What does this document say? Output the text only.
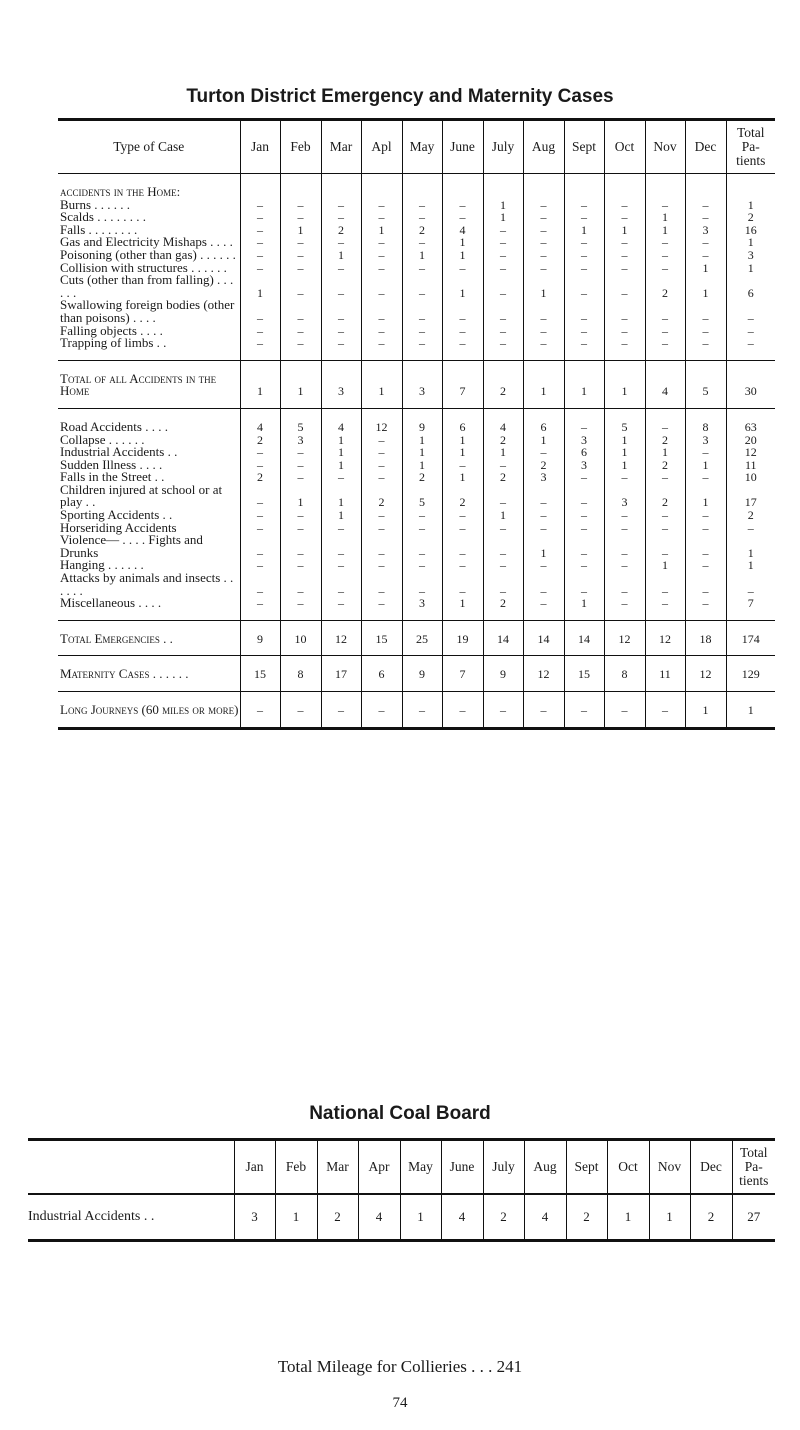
Turton District Emergency and Maternity Cases
Type of Case	Jan	Feb	Mar	Apl	May	June	July	Aug	Sept	Oct	Nov	Dec	Total Pa- tients
accidents in the Home:													
Burns . . . . . .	–	–	–	–	–	–	1	–	–	–	–	–	1
Scalds . . . . . . . .	–	–	–	–	–	–	1	–	–	–	1	–	2
Falls . . . . . . . .	–	1	2	1	2	4	–	–	1	1	1	3	16
Gas and Electricity Mishaps . . . .	–	–	–	–	–	1	–	–	–	–	–	–	1
Poisoning (other than gas) . . . . . .	–	–	1	–	1	1	–	–	–	–	–	–	3
Collision with structures . . . . . .	–	–	–	–	–	–	–	–	–	–	–	1	1
Cuts (other than from falling) . . . . . .	1	–	–	–	–	1	–	1	–	–	2	1	6
Swallowing foreign bodies (other than poisons) . . . .	–	–	–	–	–	–	–	–	–	–	–	–	–
Falling objects . . . .	–	–	–	–	–	–	–	–	–	–	–	–	–
Trapping of limbs . .	–	–	–	–	–	–	–	–	–	–	–	–	–
Total of all Accidents in the Home	1	1	3	1	3	7	2	1	1	1	4	5	30
Road Accidents . . . .	4	5	4	12	9	6	4	6	–	5	–	8	63
Collapse . . . . . .	2	3	1	–	1	1	2	1	3	1	2	3	20
Industrial Accidents . .	–	–	1	–	1	1	1	–	6	1	1	–	12
Sudden Illness . . . .	–	–	1	–	1	–	–	2	3	1	2	1	11
Falls in the Street . .	2	–	–	–	2	1	2	3	–	–	–	–	10
Children injured at school or at play . .	–	1	1	2	5	2	–	–	–	3	2	1	17
Sporting Accidents . .	–	–	1	–	–	–	1	–	–	–	–	–	2
Horseriding Accidents	–	–	–	–	–	–	–	–	–	–	–	–	–
Violence— . . . . Fights and Drunks	–	–	–	–	–	–	–	1	–	–	–	–	1
Hanging . . . . . .	–	–	–	–	–	–	–	–	–	–	1	–	1
Attacks by animals and insects . . . . . .	–	–	–	–	–	–	–	–	–	–	–	–	–
Miscellaneous . . . .	–	–	–	–	3	1	2	–	1	–	–	–	7
Total Emergencies . .	9	10	12	15	25	19	14	14	14	12	12	18	174
Maternity Cases . . . . . .	15	8	17	6	9	7	9	12	15	8	11	12	129
Long Journeys (60 miles or more)	–	–	–	–	–	–	–	–	–	–	–	1	1
National Coal Board
	Jan	Feb	Mar	Apr	May	June	July	Aug	Sept	Oct	Nov	Dec	Total Pa- tients
Industrial Accidents . .	3	1	2	4	1	4	2	4	2	1	1	2	27
Total Mileage for Collieries . . . 241
74
